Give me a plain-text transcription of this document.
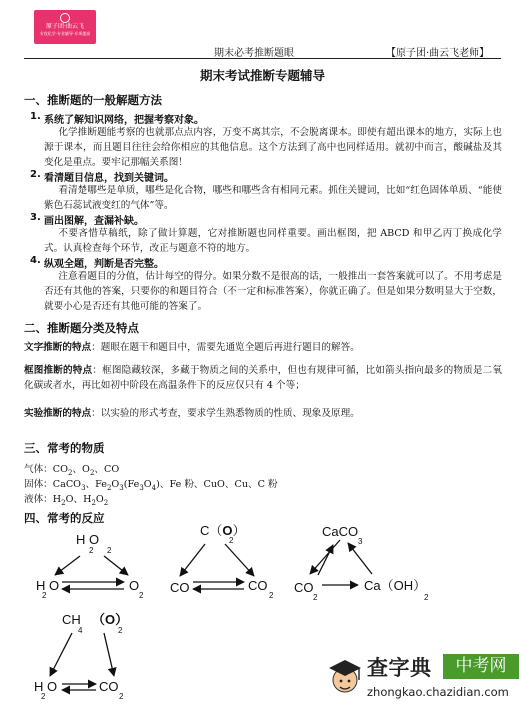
原子团·曲云飞
专攻化学·专业辅导·专项提高
期末必考推断题眼	【原子团·曲云飞老师】
期末考试推断专题辅导
一、推断题的一般解题方法
1. 系统了解知识网络，把握考察对象。
化学推断题能考察的也就那点点内容，万变不离其宗，不会脱离课本。即使有超出课本的地方，实际上也源于课本，而且题目往往会给你相应的其他信息。这个方法到了高中也同样适用。就初中而言，酸碱盐及其变化是重点。要牢记那幅关系图！
2. 看清题目信息，找到关键词。
看清楚哪些是单质，哪些是化合物，哪些和哪些含有相同元素。抓住关键词，比如“红色固体单质、“能使紫色石蕊试液变红的气体”等。
3. 画出图解，查漏补缺。
不要吝惜草稿纸，除了做计算题，它对推断题也同样重要。画出框图，把 ABCD 和甲乙丙丁换成化学式。认真检查每个环节，改正与题意不符的地方。
4. 纵观全题，判断是否完整。
注意看题目的分值，估计每空的得分。如果分数不是很高的话，一般推出一套答案就可以了。不用考虑是否还有其他的答案，只要你的和题目符合（不一定和标准答案），你就正确了。但是如果分数明显大于空数，就要小心是否还有其他可能的答案了。
二、推断题分类及特点
文字推断的特点：题眼在题干和题目中，需要先通览全题后再进行题目的解答。
框图推断的特点：框图隐藏较深，多藏于物质之间的关系中，但也有规律可循，比如箭头指向最多的物质是二氧化碳或者水，再比如初中阶段在高温条件下的反应仅只有 4 个等；
实验推断的特点：以实验的形式考查，要求学生熟悉物质的性质、现象及原理。
三、常考的物质
气体：$CO_2$、$O_2$、CO
固体：CaCO$_3$、$Fe_2O_3(Fe_3O_4)$、Fe 粉、CuO、Cu、C 粉
液体：$H_2O$、$H_2O_2$
四、常考的反应
H O
2 2
H O
2
O
2
C（O）
2
CO	CO
2
CaCO
3
CO
2
Ca（OH）
2
CH
4
（O）
2
H O
2
CO
2
查字典	中考网
zhongkao.chazidian.com
